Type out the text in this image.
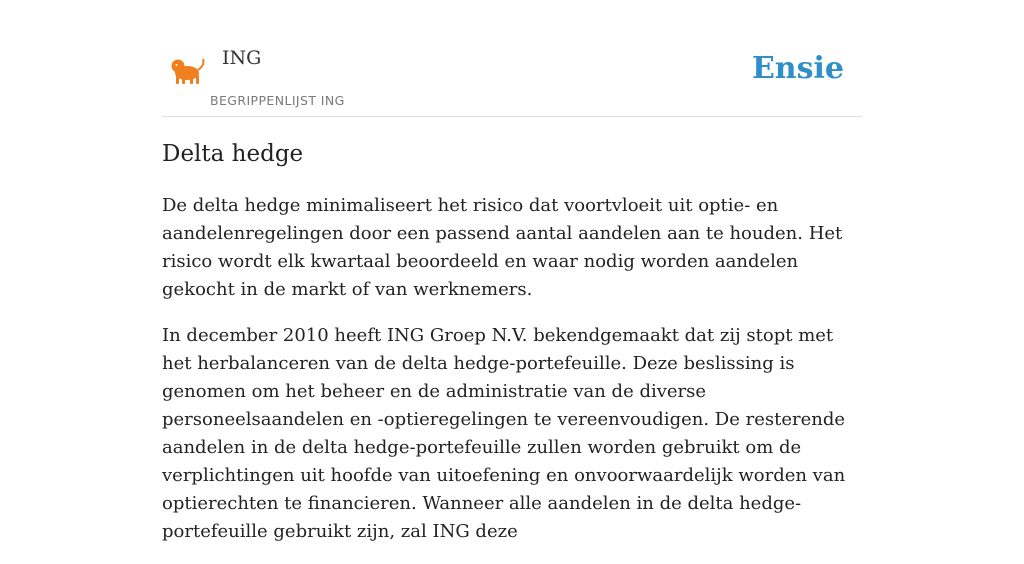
ING
BEGRIPPENLIJST ING
Ensie
Delta hedge

De delta hedge minimaliseert het risico dat voortvloeit uit optie- en aandelenregelingen door een passend aantal aandelen aan te houden. Het risico wordt elk kwartaal beoordeeld en waar nodig worden aandelen gekocht in de markt of van werknemers.

In december 2010 heeft ING Groep N.V. bekendgemaakt dat zij stopt met het herbalanceren van de delta hedge-portefeuille. Deze beslissing is genomen om het beheer en de administratie van de diverse personeelsaandelen en -optieregelingen te vereenvoudigen. De resterende aandelen in de delta hedge-portefeuille zullen worden gebruikt om de verplichtingen uit hoofde van uitoefening en onvoorwaardelijk worden van optierechten te financieren. Wanneer alle aandelen in de delta hedge-portefeuille gebruikt zijn, zal ING deze
